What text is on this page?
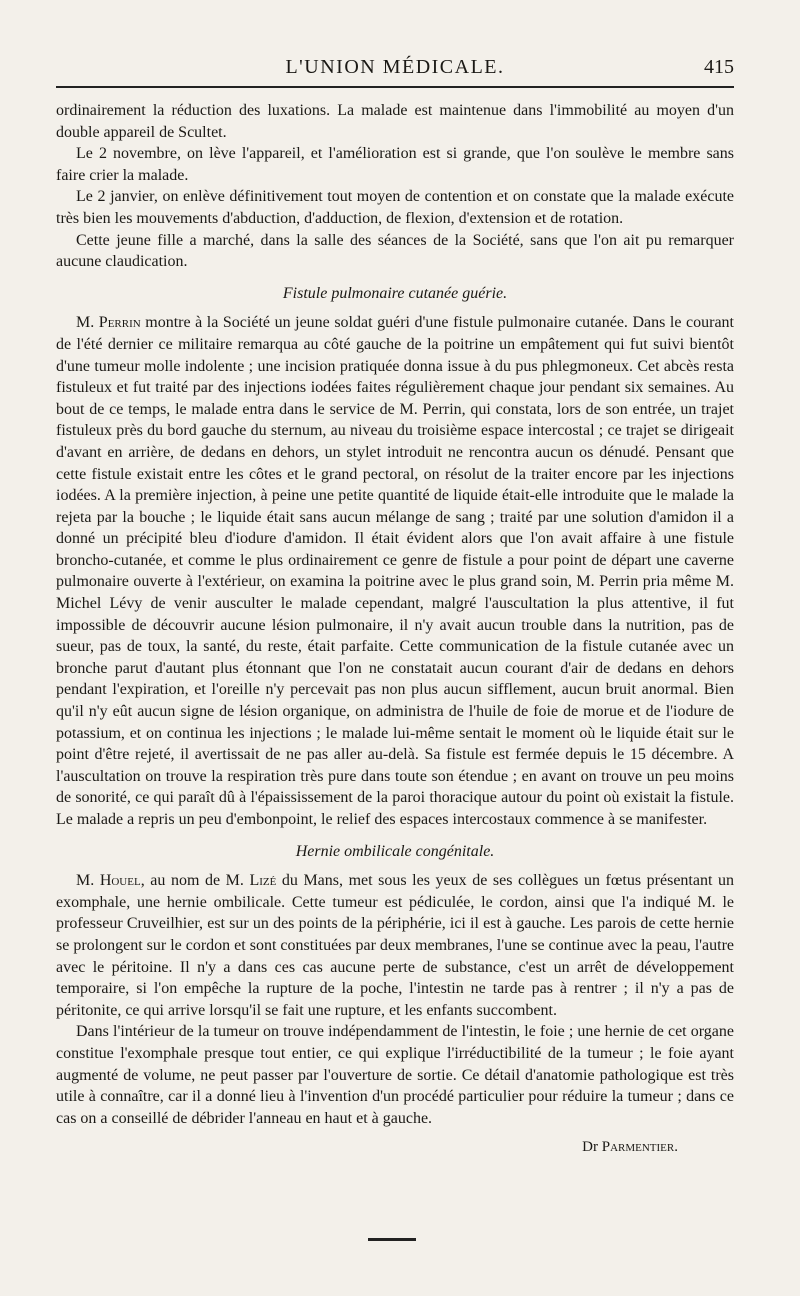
L'UNION MÉDICALE.	415

ordinairement la réduction des luxations. La malade est maintenue dans l'immobilité au moyen d'un double appareil de Scultet.

Le 2 novembre, on lève l'appareil, et l'amélioration est si grande, que l'on soulève le membre sans faire crier la malade.

Le 2 janvier, on enlève définitivement tout moyen de contention et on constate que la malade exécute très bien les mouvements d'abduction, d'adduction, de flexion, d'extension et de rotation.

Cette jeune fille a marché, dans la salle des séances de la Société, sans que l'on ait pu remarquer aucune claudication.

Fistule pulmonaire cutanée guérie.

M. Perrin montre à la Société un jeune soldat guéri d'une fistule pulmonaire cutanée. Dans le courant de l'été dernier ce militaire remarqua au côté gauche de la poitrine un empâtement qui fut suivi bientôt d'une tumeur molle indolente ; une incision pratiquée donna issue à du pus phlegmoneux. Cet abcès resta fistuleux et fut traité par des injections iodées faites régulièrement chaque jour pendant six semaines. Au bout de ce temps, le malade entra dans le service de M. Perrin, qui constata, lors de son entrée, un trajet fistuleux près du bord gauche du sternum, au niveau du troisième espace intercostal ; ce trajet se dirigeait d'avant en arrière, de dedans en dehors, un stylet introduit ne rencontra aucun os dénudé. Pensant que cette fistule existait entre les côtes et le grand pectoral, on résolut de la traiter encore par les injections iodées. A la première injection, à peine une petite quantité de liquide était-elle introduite que le malade la rejeta par la bouche ; le liquide était sans aucun mélange de sang ; traité par une solution d'amidon il a donné un précipité bleu d'iodure d'amidon. Il était évident alors que l'on avait affaire à une fistule broncho-cutanée, et comme le plus ordinairement ce genre de fistule a pour point de départ une caverne pulmonaire ouverte à l'extérieur, on examina la poitrine avec le plus grand soin, M. Perrin pria même M. Michel Lévy de venir ausculter le malade cependant, malgré l'auscultation la plus attentive, il fut impossible de découvrir aucune lésion pulmonaire, il n'y avait aucun trouble dans la nutrition, pas de sueur, pas de toux, la santé, du reste, était parfaite. Cette communication de la fistule cutanée avec un bronche parut d'autant plus étonnant que l'on ne constatait aucun courant d'air de dedans en dehors pendant l'expiration, et l'oreille n'y percevait pas non plus aucun sifflement, aucun bruit anormal. Bien qu'il n'y eût aucun signe de lésion organique, on administra de l'huile de foie de morue et de l'iodure de potassium, et on continua les injections ; le malade lui-même sentait le moment où le liquide était sur le point d'être rejeté, il avertissait de ne pas aller au-delà. Sa fistule est fermée depuis le 15 décembre. A l'auscultation on trouve la respiration très pure dans toute son étendue ; en avant on trouve un peu moins de sonorité, ce qui paraît dû à l'épaississement de la paroi thoracique autour du point où existait la fistule. Le malade a repris un peu d'embonpoint, le relief des espaces intercostaux commence à se manifester.

Hernie ombilicale congénitale.

M. Houel, au nom de M. Lizé du Mans, met sous les yeux de ses collègues un fœtus présentant un exomphale, une hernie ombilicale. Cette tumeur est pédiculée, le cordon, ainsi que l'a indiqué M. le professeur Cruveilhier, est sur un des points de la périphérie, ici il est à gauche. Les parois de cette hernie se prolongent sur le cordon et sont constituées par deux membranes, l'une se continue avec la peau, l'autre avec le péritoine. Il n'y a dans ces cas aucune perte de substance, c'est un arrêt de développement temporaire, si l'on empêche la rupture de la poche, l'intestin ne tarde pas à rentrer ; il n'y a pas de péritonite, ce qui arrive lorsqu'il se fait une rupture, et les enfants succombent.

Dans l'intérieur de la tumeur on trouve indépendamment de l'intestin, le foie ; une hernie de cet organe constitue l'exomphale presque tout entier, ce qui explique l'irréductibilité de la tumeur ; le foie ayant augmenté de volume, ne peut passer par l'ouverture de sortie. Ce détail d'anatomie pathologique est très utile à connaître, car il a donné lieu à l'invention d'un procédé particulier pour réduire la tumeur ; dans ce cas on a conseillé de débrider l'anneau en haut et à gauche.

Dr Parmentier.
